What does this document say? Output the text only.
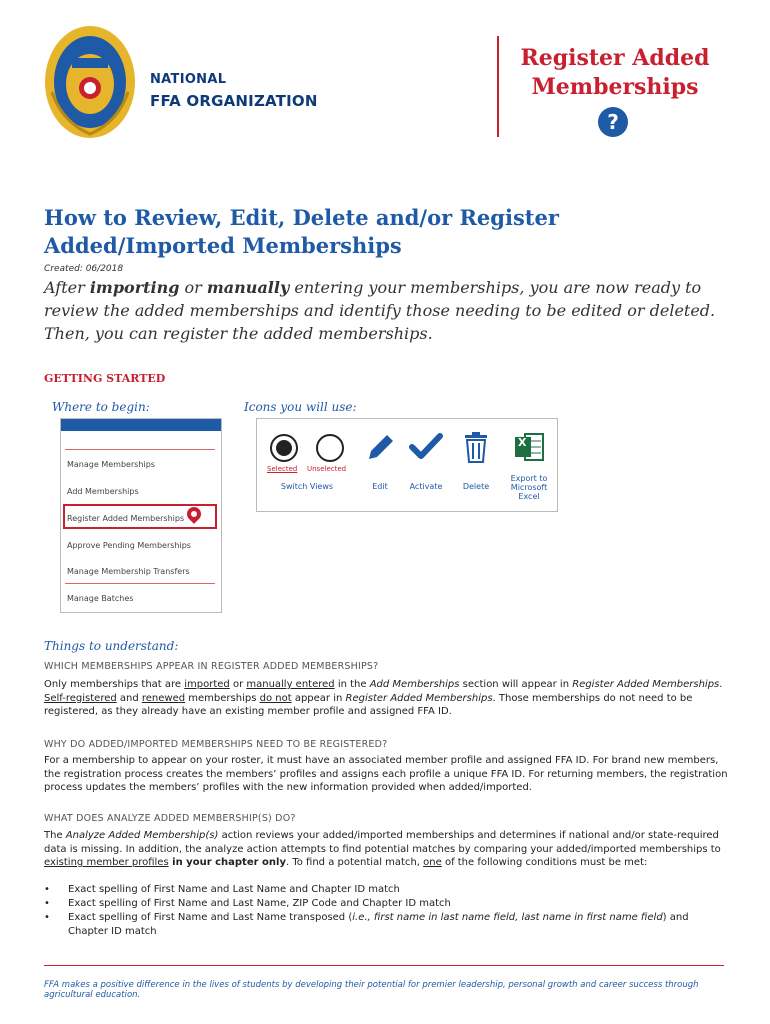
NATIONAL
FFA ORGANIZATION
Register Added
Memberships
?
How to Review, Edit, Delete and/or Register
Added/Imported Memberships
Created: 06/2018
After importing or manually entering your memberships, you are now ready to review the added memberships and identify those needing to be edited or deleted. Then, you can register the added memberships.
GETTING STARTED
Where to begin:	Icons you will use:
Manage Memberships
Add Memberships
Register Added Memberships
Approve Pending Memberships
Manage Membership Transfers
Manage Batches
Selected Unselected
Switch Views	Edit	Activate	Delete
X
Export to Microsoft Excel
Things to understand:
WHICH MEMBERSHIPS APPEAR IN REGISTER ADDED MEMBERSHIPS?
Only memberships that are imported or manually entered in the Add Memberships section will appear in Register Added Memberships. Self-registered and renewed memberships do not appear in Register Added Memberships. Those memberships do not need to be registered, as they already have an existing member profile and assigned FFA ID.
WHY DO ADDED/IMPORTED MEMBERSHIPS NEED TO BE REGISTERED?
For a membership to appear on your roster, it must have an associated member profile and assigned FFA ID. For brand new members, the registration process creates the members’ profiles and assigns each profile a unique FFA ID. For returning members, the registration process updates the members’ profiles with the new information provided when added/imported.
WHAT DOES ANALYZE ADDED MEMBERSHIP(S) DO?
The Analyze Added Membership(s) action reviews your added/imported memberships and determines if national and/or state-required data is missing. In addition, the analyze action attempts to find potential matches by comparing your added/imported memberships to existing member profiles in your chapter only. To find a potential match, one of the following conditions must be met:
• Exact spelling of First Name and Last Name and Chapter ID match
• Exact spelling of First Name and Last Name, ZIP Code and Chapter ID match
• Exact spelling of First Name and Last Name transposed (i.e., first name in last name field, last name in first name field) and Chapter ID match
FFA makes a positive difference in the lives of students by developing their potential for premier leadership, personal growth and career success through agricultural education.
